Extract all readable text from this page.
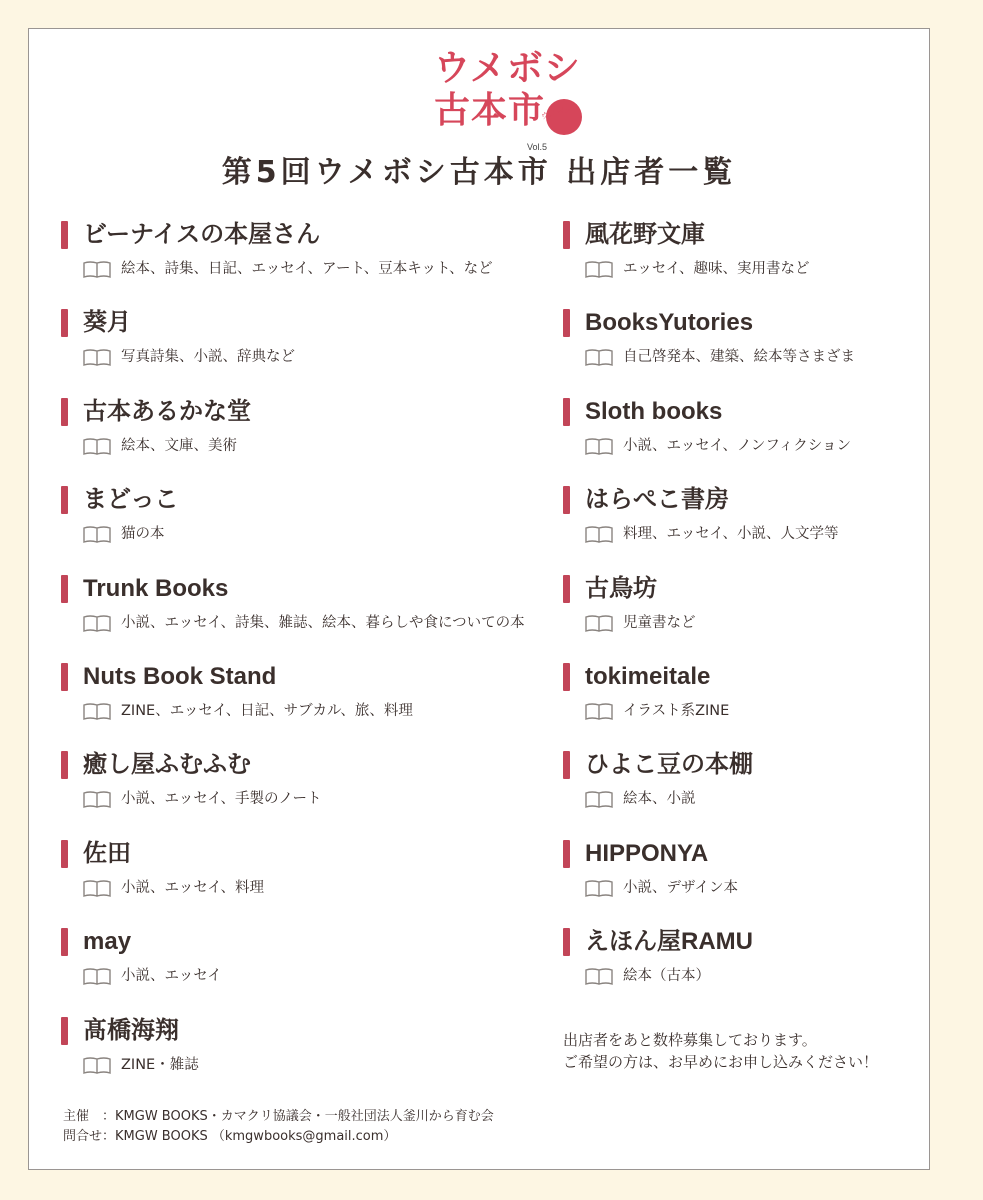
ウメボシ
古本市
ウメボシ
Vol.5
第5回ウメボシ古本市 出店者一覧
ビーナイスの本屋さん
絵本、詩集、日記、エッセイ、アート、豆本キット、など
葵月
写真詩集、小説、辞典など
古本あるかな堂
絵本、文庫、美術
まどっこ
猫の本
Trunk Books
小説、エッセイ、詩集、雑誌、絵本、暮らしや食についての本
Nuts Book Stand
ZINE、エッセイ、日記、サブカル、旅、料理
癒し屋ふむふむ
小説、エッセイ、手製のノート
佐田
小説、エッセイ、料理
may
小説、エッセイ
髙橋海翔
ZINE・雑誌
風花野文庫
エッセイ、趣味、実用書など
BooksYutories
自己啓発本、建築、絵本等さまざま
Sloth books
小説、エッセイ、ノンフィクション
はらぺこ書房
料理、エッセイ、小説、人文学等
古鳥坊
児童書など
tokimeitale
イラスト系ZINE
ひよこ豆の本棚
絵本、小説
HIPPONYA
小説、デザイン本
えほん屋RAMU
絵本（古本）
出店者をあと数枠募集しております。
ご希望の方は、お早めにお申し込みください！
主催　：KMGW BOOKS・カマクリ協議会・一般社団法人釜川から育む会
問合せ：KMGW BOOKS （kmgwbooks@gmail.com）
